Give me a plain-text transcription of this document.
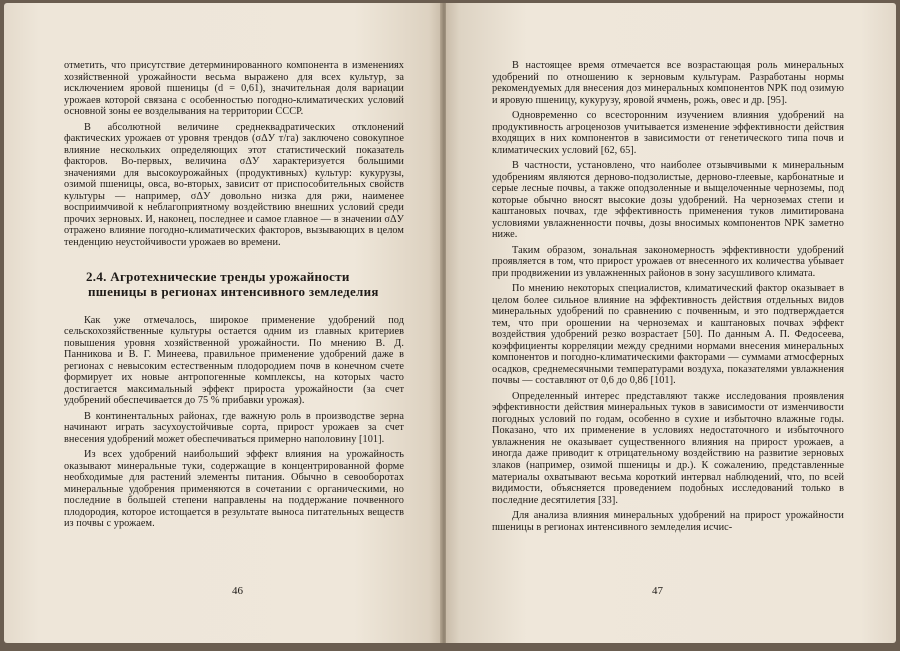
отметить, что присутствие детерминированного компонента в изменениях хозяйственной урожайности весьма выражено для всех культур, за исключением яровой пшеницы (d = 0,61), значительная доля вариации урожаев которой связана с особенностью погодно-климатических условий основной зоны ее возделывания на территории СССР.

В абсолютной величине среднеквадратических отклонений фактических урожаев от уровня трендов (σΔУ т/га) заключено совокупное влияние нескольких определяющих этот статистический показатель факторов. Во-первых, величина σΔУ характеризуется большими значениями для высокоурожайных (продуктивных) культур: кукурузы, озимой пшеницы, овса, во-вторых, зависит от приспособительных свойств культуры — например, σΔУ довольно низка для ржи, наименее восприимчивой к неблагоприятному воздействию внешних условий среди прочих зерновых. И, наконец, последнее и самое главное — в значении σΔУ отражено влияние погодно-климатических факторов, вызывающих в целом тенденцию неустойчивости урожаев во времени.

2.4. Агротехнические тренды урожайности
пшеницы в регионах интенсивного земледелия

Как уже отмечалось, широкое применение удобрений под сельскохозяйственные культуры остается одним из главных критериев повышения уровня хозяйственной урожайности. По мнению В. Д. Панникова и В. Г. Минеева, правильное применение удобрений даже в регионах с невысоким естественным плодородием почв в конечном счете формирует их новые антропогенные комплексы, на которых часто достигается максимальный эффект прироста урожайности (за счет удобрений обеспечивается до 75 % прибавки урожая).

В континентальных районах, где важную роль в производстве зерна начинают играть засухоустойчивые сорта, прирост урожаев за счет внесения удобрений может обеспечиваться примерно наполовину [101].

Из всех удобрений наибольший эффект влияния на урожайность оказывают минеральные туки, содержащие в концентрированной форме необходимые для растений элементы питания. Обычно в севооборотах минеральные удобрения применяются в сочетании с органическими, но последние в большей степени направлены на поддержание почвенного плодородия, которое истощается в результате выноса питательных веществ из почвы с урожаем.

46

В настоящее время отмечается все возрастающая роль минеральных удобрений по отношению к зерновым культурам. Разработаны нормы рекомендуемых для внесения доз минеральных компонентов NPK под озимую и яровую пшеницу, кукурузу, яровой ячмень, рожь, овес и др. [95].

Одновременно со всесторонним изучением влияния удобрений на продуктивность агроценозов учитывается изменение эффективности действия входящих в них компонентов в зависимости от генетического типа почв и климатических условий [62, 65].

В частности, установлено, что наиболее отзывчивыми к минеральным удобрениям являются дерново-подзолистые, дерново-глеевые, карбонатные и серые лесные почвы, а также оподзоленные и выщелоченные черноземы, под которые обычно вносят высокие дозы удобрений. На черноземах степи и каштановых почвах, где эффективность применения туков лимитирована условиями увлажненности почвы, дозы вносимых компонентов NPK заметно ниже.

Таким образом, зональная закономерность эффективности удобрений проявляется в том, что прирост урожаев от внесенного их количества убывает при продвижении из увлажненных районов в зону засушливого климата.

По мнению некоторых специалистов, климатический фактор оказывает в целом более сильное влияние на эффективность действия отдельных видов минеральных удобрений по сравнению с почвенным, и это подтверждается тем, что при орошении на черноземах и каштановых почвах эффект воздействия удобрений резко возрастает [50]. По данным А. П. Федосеева, коэффициенты корреляции между средними нормами внесения минеральных компонентов и погодно-климатическими факторами — суммами атмосферных осадков, среднемесячными температурами воздуха, показателями увлажнения почвы — составляют от 0,6 до 0,86 [101].

Определенный интерес представляют также исследования проявления эффективности действия минеральных туков в зависимости от изменчивости погодных условий по годам, особенно в сухие и избыточно влажные годы. Показано, что их применение в условиях недостаточного и избыточного увлажнения не оказывает существенного влияния на прирост урожаев, а иногда даже приводит к отрицательному воздействию на развитие зерновых злаков (например, озимой пшеницы и др.). К сожалению, представленные материалы охватывают весьма короткий интервал наблюдений, что, по всей видимости, объясняется проведением подобных исследований только в последние десятилетия [33].

Для анализа влияния минеральных удобрений на прирост урожайности пшеницы в регионах интенсивного земледелия исчис-

47
